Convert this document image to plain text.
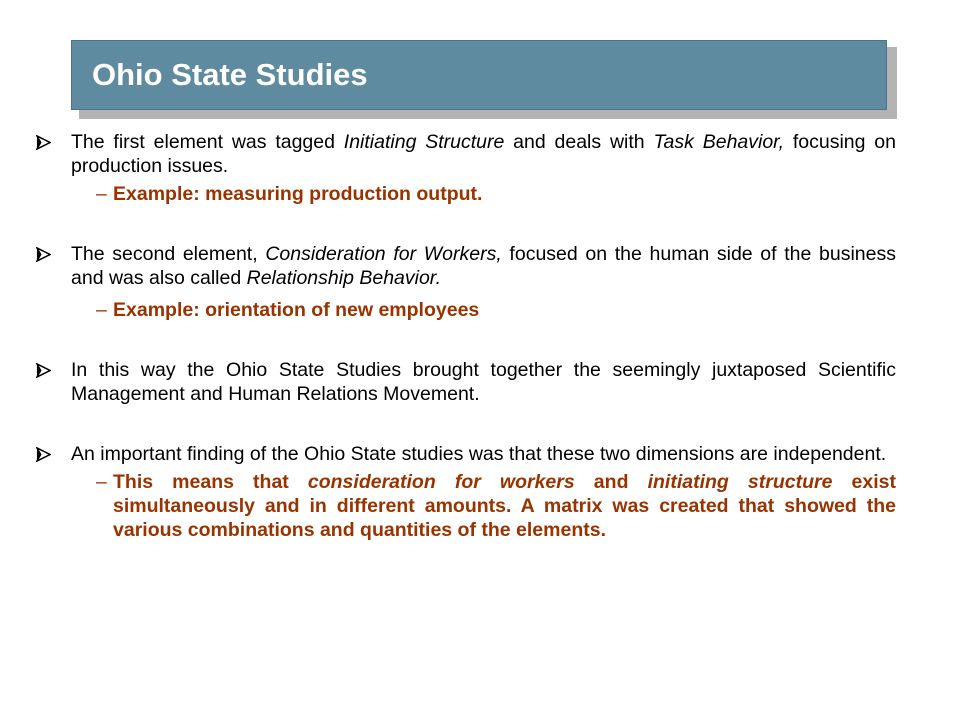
Ohio State Studies
The first element was tagged Initiating Structure and deals with Task Behavior, focusing on production issues.
– Example: measuring production output.
The second element, Consideration for Workers, focused on the human side of the business and was also called Relationship Behavior.
– Example: orientation of new employees
In this way the Ohio State Studies brought together the seemingly juxtaposed Scientific Management and Human Relations Movement.
An important finding of the Ohio State studies was that these two dimensions are independent.
– This means that consideration for workers and initiating structure exist simultaneously and in different amounts. A matrix was created that showed the various combinations and quantities of the elements.
